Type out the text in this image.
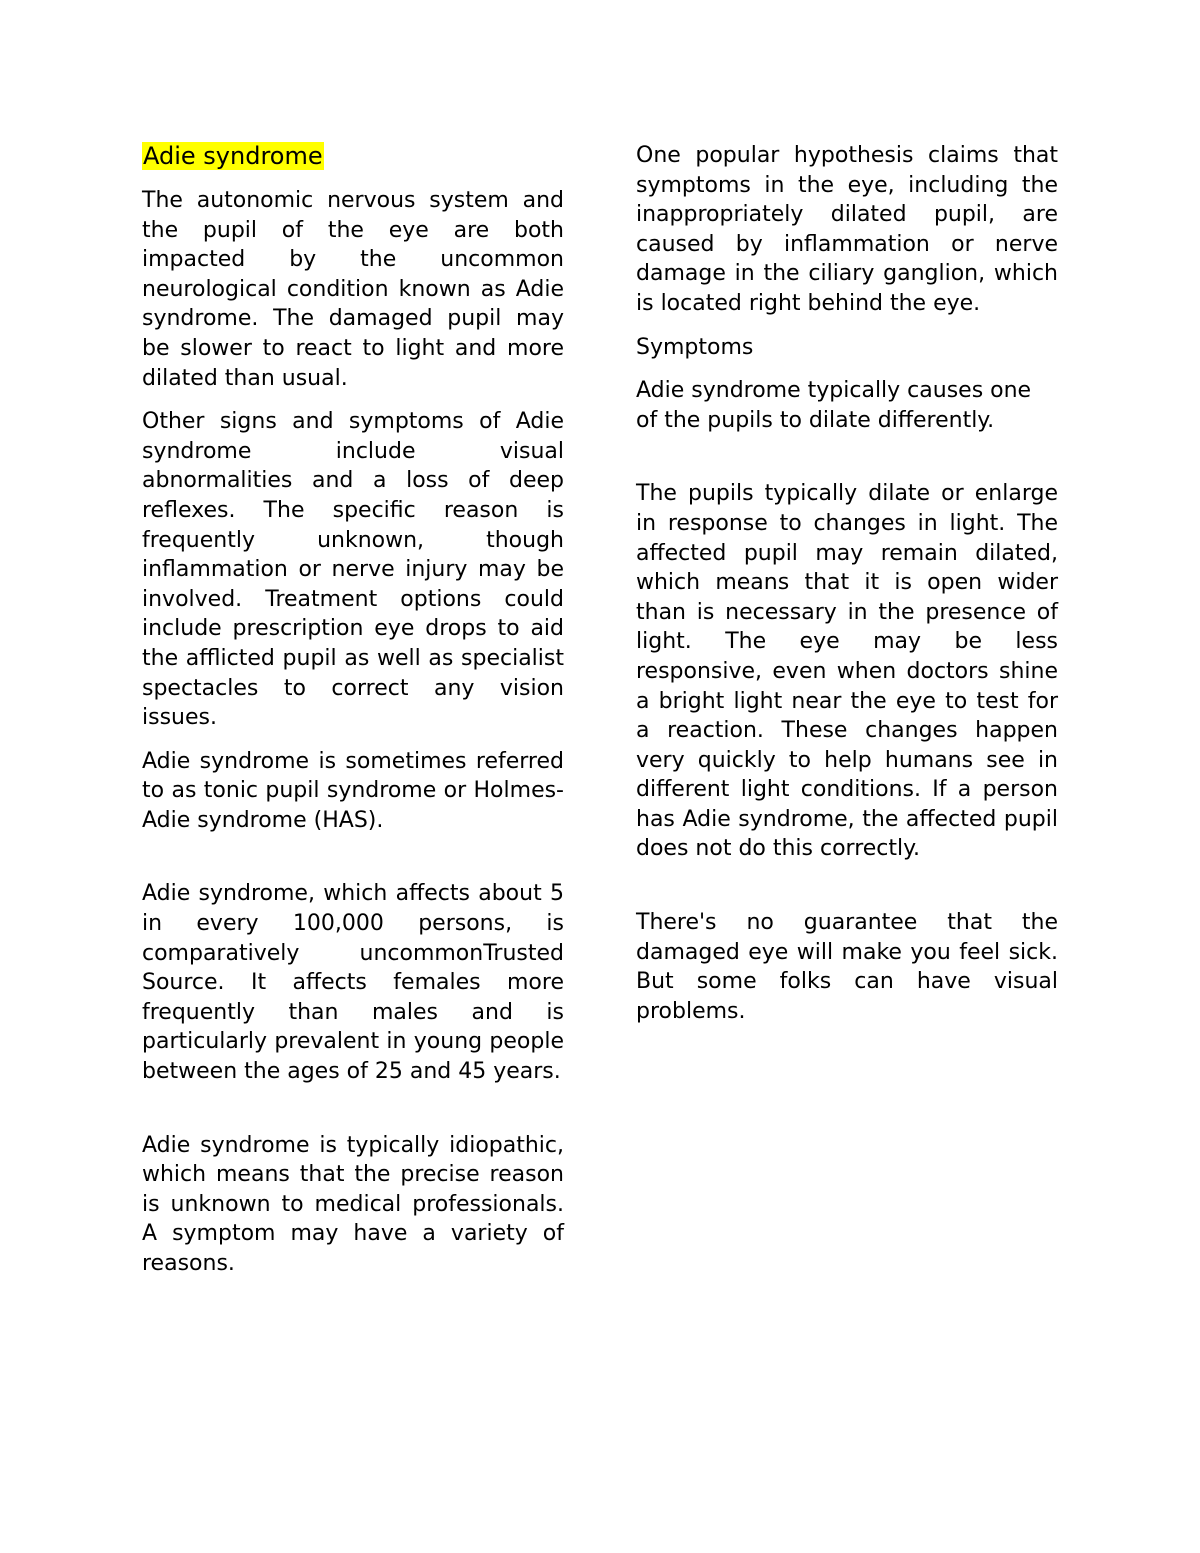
Adie syndrome

The autonomic nervous system and the pupil of the eye are both impacted by the uncommon neurological condition known as Adie syndrome. The damaged pupil may be slower to react to light and more dilated than usual.

Other signs and symptoms of Adie syndrome include visual abnormalities and a loss of deep reflexes. The specific reason is frequently unknown, though inflammation or nerve injury may be involved. Treatment options could include prescription eye drops to aid the afflicted pupil as well as specialist spectacles to correct any vision issues.

Adie syndrome is sometimes referred to as tonic pupil syndrome or Holmes-Adie syndrome (HAS).

Adie syndrome, which affects about 5 in every 100,000 persons, is comparatively uncommonTrusted Source. It affects females more frequently than males and is particularly prevalent in young people between the ages of 25 and 45 years.

Adie syndrome is typically idiopathic, which means that the precise reason is unknown to medical professionals. A symptom may have a variety of reasons.

One popular hypothesis claims that symptoms in the eye, including the inappropriately dilated pupil, are caused by inflammation or nerve damage in the ciliary ganglion, which is located right behind the eye.

Symptoms

Adie syndrome typically causes one of the pupils to dilate differently.

The pupils typically dilate or enlarge in response to changes in light. The affected pupil may remain dilated, which means that it is open wider than is necessary in the presence of light. The eye may be less responsive, even when doctors shine a bright light near the eye to test for a reaction. These changes happen very quickly to help humans see in different light conditions. If a person has Adie syndrome, the affected pupil does not do this correctly.

There's no guarantee that the damaged eye will make you feel sick. But some folks can have visual problems.
